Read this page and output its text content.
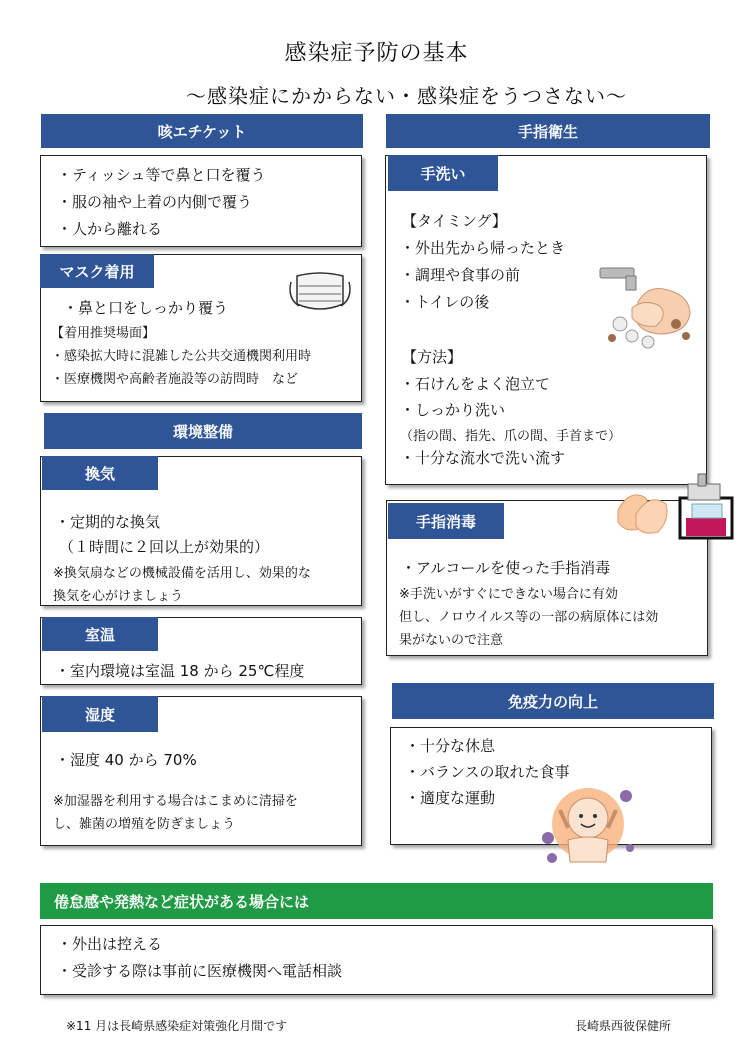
感染症予防の基本
～感染症にかからない・感染症をうつさない～
咳エチケット
・ティッシュ等で鼻と口を覆う
・服の袖や上着の内側で覆う
・人から離れる
・鼻と口をしっかり覆う
【着用推奨場面】
・感染拡大時に混雑した公共交通機関利用時
・医療機関や高齢者施設等の訪問時　など
マスク着用
環境整備
・定期的な換気
（１時間に２回以上が効果的）
※換気扇などの機械設備を活用し、効果的な
換気を心がけましょう
換気
・室内環境は室温 18 から 25℃程度
室温
・湿度 40 から 70%
※加湿器を利用する場合はこまめに清掃を
し、雑菌の増殖を防ぎましょう
湿度
手指衛生
【タイミング】
・外出先から帰ったとき
・調理や食事の前
・トイレの後
【方法】
・石けんをよく泡立て
・しっかり洗い
（指の間、指先、爪の間、手首まで）
・十分な流水で洗い流す
手洗い
・アルコールを使った手指消毒
※手洗いがすぐにできない場合に有効
但し、ノロウイルス等の一部の病原体には効
果がないので注意
手指消毒
免疫力の向上
・十分な休息
・バランスの取れた食事
・適度な運動
倦怠感や発熱など症状がある場合には
・外出は控える
・受診する際は事前に医療機関へ電話相談
※11 月は長崎県感染症対策強化月間です	長崎県西彼保健所
